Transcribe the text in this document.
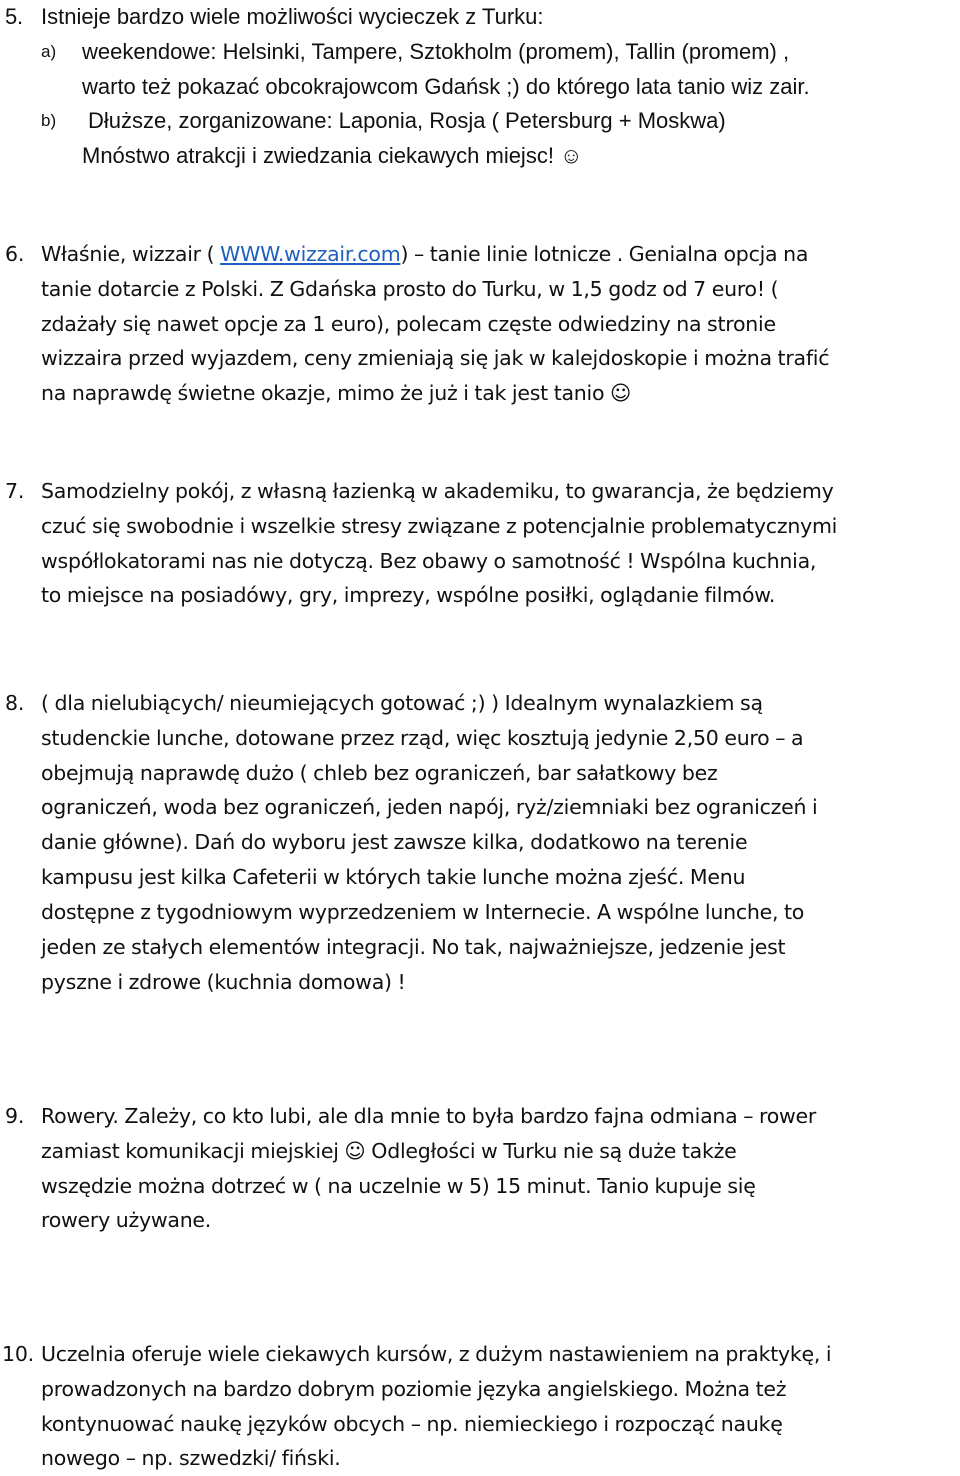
5. Istnieje bardzo wiele możliwości wycieczek z Turku:
a) weekendowe: Helsinki, Tampere, Sztokholm (promem), Tallin (promem) ,
warto też pokazać obcokrajowcom Gdańsk ;) do którego lata tanio wiz zair.
b) Dłuższe, zorganizowane: Laponia, Rosja ( Petersburg + Moskwa)
Mnóstwo atrakcji i zwiedzania ciekawych miejsc! ☺
6. Właśnie, wizzair ( WWW.wizzair.com) – tanie linie lotnicze . Genialna opcja na
tanie dotarcie z Polski. Z Gdańska prosto do Turku, w 1,5 godz od 7 euro! (
zdażały się nawet opcje za 1 euro), polecam częste odwiedziny na stronie
wizzaira przed wyjazdem, ceny zmieniają się jak w kalejdoskopie i można trafić
na naprawdę świetne okazje, mimo że już i tak jest tanio ☺
7. Samodzielny pokój, z własną łazienką w akademiku, to gwarancja, że będziemy
czuć się swobodnie i wszelkie stresy związane z potencjalnie problematycznymi
współlokatorami nas nie dotyczą. Bez obawy o samotność ! Wspólna kuchnia,
to miejsce na posiadówy, gry, imprezy, wspólne posiłki, oglądanie filmów.
8. ( dla nielubiących/ nieumiejących gotować ;) ) Idealnym wynalazkiem są
studenckie lunche, dotowane przez rząd, więc kosztują jedynie 2,50 euro – a
obejmują naprawdę dużo ( chleb bez ograniczeń, bar sałatkowy bez
ograniczeń, woda bez ograniczeń, jeden napój, ryż/ziemniaki bez ograniczeń i
danie główne). Dań do wyboru jest zawsze kilka, dodatkowo na terenie
kampusu jest kilka Cafeterii w których takie lunche można zjeść. Menu
dostępne z tygodniowym wyprzedzeniem w Internecie. A wspólne lunche, to
jeden ze stałych elementów integracji. No tak, najważniejsze, jedzenie jest
pyszne i zdrowe (kuchnia domowa) !
9. Rowery. Zależy, co kto lubi, ale dla mnie to była bardzo fajna odmiana – rower
zamiast komunikacji miejskiej ☺ Odległości w Turku nie są duże także
wszędzie można dotrzeć w ( na uczelnie w 5) 15 minut. Tanio kupuje się
rowery używane.
10. Uczelnia oferuje wiele ciekawych kursów, z dużym nastawieniem na praktykę, i
prowadzonych na bardzo dobrym poziomie języka angielskiego. Można też
kontynuować naukę języków obcych – np. niemieckiego i rozpocząć naukę
nowego – np. szwedzki/ fiński.
